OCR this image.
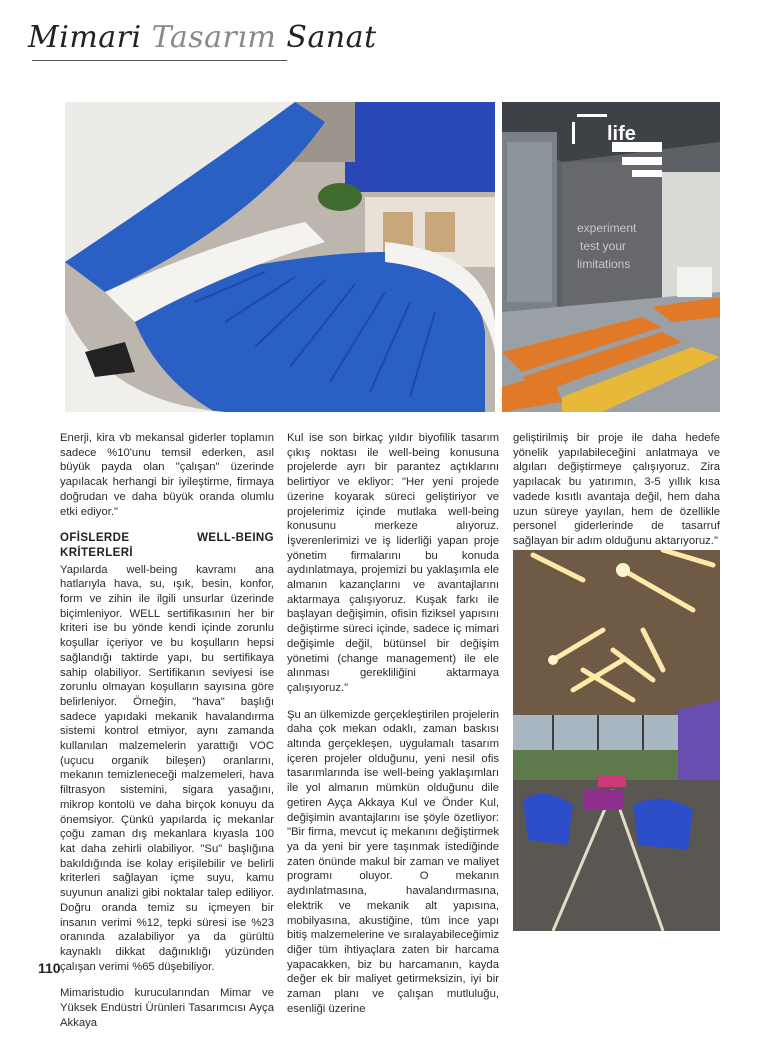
Mimari Tasarım Sanat
life
experiment
test your
limitations

Enerji, kira vb mekansal giderler toplamın sadece %10'unu temsil ederken, asıl büyük payda olan "çalışan" üzerinde yapılacak herhangi bir iyileştirme, firmaya doğrudan ve daha büyük oranda olumlu etki ediyor."

OFİSLERDE WELL-BEING KRİTERLERİ

Yapılarda well-being kavramı ana hatlarıyla hava, su, ışık, besin, konfor, form ve zihin ile ilgili unsurlar üzerinde biçimleniyor. WELL sertifikasının her bir kriteri ise bu yönde kendi içinde zorunlu koşullar içeriyor ve bu koşulların hepsi sağlandığı taktirde yapı, bu sertifikaya sahip olabiliyor. Sertifikanın seviyesi ise zorunlu olmayan koşulların sayısına göre belirleniyor. Örneğin, "hava" başlığı sadece yapıdaki mekanik havalandırma sistemi kontrol etmiyor, aynı zamanda kullanılan malzemelerin yarattığı VOC (uçucu organik bileşen) oranlarını, mekanın temizleneceği malzemeleri, hava filtrasyon sistemini, sigara yasağını, mikrop kontolü ve daha birçok konuyu da önemsiyor. Çünkü yapılarda iç mekanlar çoğu zaman dış mekanlara kıyasla 100 kat daha zehirli olabiliyor. "Su" başlığına bakıldığında ise kolay erişilebilir ve belirli kriterleri sağlayan içme suyu, kamu suyunun analizi gibi noktalar talep ediliyor. Doğru oranda temiz su içmeyen bir insanın verimi %12, tepki süresi ise %23 oranında azalabiliyor ya da gürültü kaynaklı dikkat dağınıklığı yüzünden çalışan verimi %65 düşebiliyor.

Mimaristudio kurucularından Mimar ve Yüksek Endüstri Ürünleri Tasarımcısı Ayça Akkaya

Kul ise son birkaç yıldır biyofilik tasarım çıkış noktası ile well-being konusuna projelerde ayrı bir parantez açtıklarını belirtiyor ve ekliyor: "Her yeni projede üzerine koyarak süreci geliştiriyor ve projelerimiz içinde mutlaka well-being konusunu merkeze alıyoruz. İşverenlerimizi ve iş liderliği yapan proje yönetim firmalarını bu konuda aydınlatmaya, projemizi bu yaklaşımla ele almanın kazançlarını ve avantajlarını aktarmaya çalışıyoruz. Kuşak farkı ile başlayan değişimin, ofisin fiziksel yapısını değiştirme süreci içinde, sadece iç mimari değişimle değil, bütünsel bir değişim yönetimi (change management) ile ele alınması gerekliliğini aktarmaya çalışıyoruz."

Şu an ülkemizde gerçekleştirilen projelerin daha çok mekan odaklı, zaman baskısı altında gerçekleşen, uygulamalı tasarım içeren projeler olduğunu, yeni nesil ofis tasarımlarında ise well-being yaklaşımları ile yol almanın mümkün olduğunu dile getiren Ayça Akkaya Kul ve Önder Kul, değişimin avantajlarını ise şöyle özetliyor: "Bir firma, mevcut iç mekanını değiştirmek ya da yeni bir yere taşınmak istediğinde zaten önünde makul bir zaman ve maliyet programı oluyor. O mekanın aydınlatmasına, havalandırmasına, elektrik ve mekanik alt yapısına, mobilyasına, akustiğine, tüm ince yapı bitiş malzemelerine ve sıralayabileceğimiz diğer tüm ihtiyaçlara zaten bir harcama yapacakken, biz bu harcamanın, kayda değer ek bir maliyet getirmeksizin, iyi bir zaman planı ve çalışan mutluluğu, esenliği üzerine

geliştirilmiş bir proje ile daha hedefe yönelik yapılabileceğini anlatmaya ve algıları değiştirmeye çalışıyoruz. Zira yapılacak bu yatırımın, 3-5 yıllık kısa vadede kısıtlı avantaja değil, hem daha uzun süreye yayılan, hem de özellikle personel giderlerinde de tasarruf sağlayan bir adım olduğunu aktarıyoruz."

110
